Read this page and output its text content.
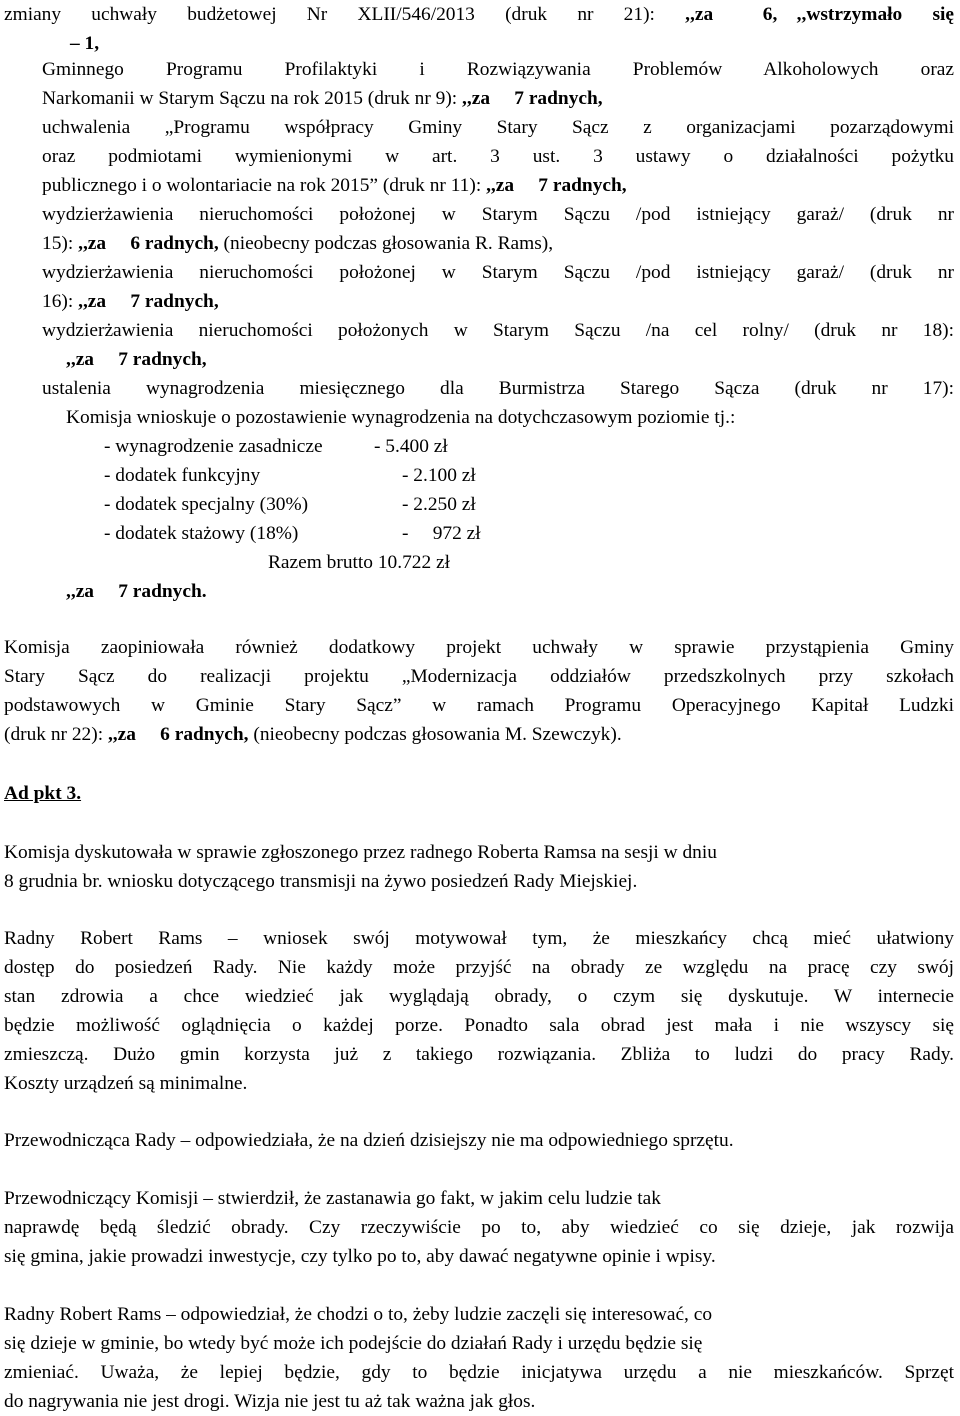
zmiany uchwały budżetowej Nr XLII/546/2013 (druk nr 21): ,,za  6, ,,wstrzymało się
– 1,
Gminnego Programu Profilaktyki i Rozwiązywania Problemów Alkoholowych oraz
Narkomanii w Starym Sączu na rok 2015 (druk nr 9): ,,za  7 radnych,
uchwalenia „Programu współpracy Gminy Stary Sącz z organizacjami pozarządowymi
oraz podmiotami wymienionymi w art. 3 ust. 3 ustawy o działalności pożytku
publicznego i o wolontariacie na rok 2015” (druk nr 11): ,,za  7 radnych,
wydzierżawienia nieruchomości położonej w Starym Sączu /pod istniejący garaż/ (druk nr
15): ,,za  6 radnych, (nieobecny podczas głosowania R. Rams),
wydzierżawienia nieruchomości położonej w Starym Sączu /pod istniejący garaż/ (druk nr
16): ,,za  7 radnych,
wydzierżawienia nieruchomości położonych w Starym Sączu /na cel rolny/ (druk nr 18):
,,za  7 radnych,
ustalenia wynagrodzenia miesięcznego dla Burmistrza Starego Sącza (druk nr 17):
Komisja wnioskuje o pozostawienie wynagrodzenia na dotychczasowym poziomie tj.:
- wynagrodzenie zasadnicze	- 5.400 zł
- dodatek funkcyjny	- 2.100 zł
- dodatek specjalny (30%)	- 2.250 zł
- dodatek stażowy (18%)	-  972 zł
Razem brutto 10.722 zł
,,za  7 radnych.
Komisja zaopiniowała również dodatkowy projekt uchwały w sprawie przystąpienia Gminy
Stary Sącz do realizacji projektu „Modernizacja oddziałów przedszkolnych przy szkołach
podstawowych w Gminie Stary Sącz” w ramach Programu Operacyjnego Kapitał Ludzki
(druk nr 22): ,,za  6 radnych, (nieobecny podczas głosowania M. Szewczyk).
Ad pkt 3.
Komisja dyskutowała w sprawie zgłoszonego przez radnego Roberta Ramsa na sesji w dniu
8 grudnia br. wniosku dotyczącego transmisji na żywo posiedzeń Rady Miejskiej.
Radny Robert Rams – wniosek swój motywował tym, że mieszkańcy chcą mieć ułatwiony
dostęp do posiedzeń Rady. Nie każdy może przyjść na obrady ze względu na pracę czy swój
stan zdrowia a chce wiedzieć jak wyglądają obrady, o czym się dyskutuje. W internecie
będzie możliwość oglądnięcia o każdej porze. Ponadto sala obrad jest mała i nie wszyscy się
zmieszczą. Dużo gmin korzysta już z takiego rozwiązania. Zbliża to ludzi do pracy Rady.
Koszty urządzeń są minimalne.
Przewodnicząca Rady – odpowiedziała, że na dzień dzisiejszy nie ma odpowiedniego sprzętu.
Przewodniczący Komisji – stwierdził, że zastanawia go fakt, w jakim celu ludzie tak
naprawdę będą śledzić obrady. Czy rzeczywiście po to, aby wiedzieć co się dzieje, jak rozwija
się gmina, jakie prowadzi inwestycje, czy tylko po to, aby dawać negatywne opinie i wpisy.
Radny Robert Rams – odpowiedział, że chodzi o to, żeby ludzie zaczęli się interesować, co
się dzieje w gminie, bo wtedy być może ich podejście do działań Rady i urzędu będzie się
zmieniać. Uważa, że lepiej będzie, gdy to będzie inicjatywa urzędu a nie mieszkańców. Sprzęt
do nagrywania nie jest drogi. Wizja nie jest tu aż tak ważna jak głos.
